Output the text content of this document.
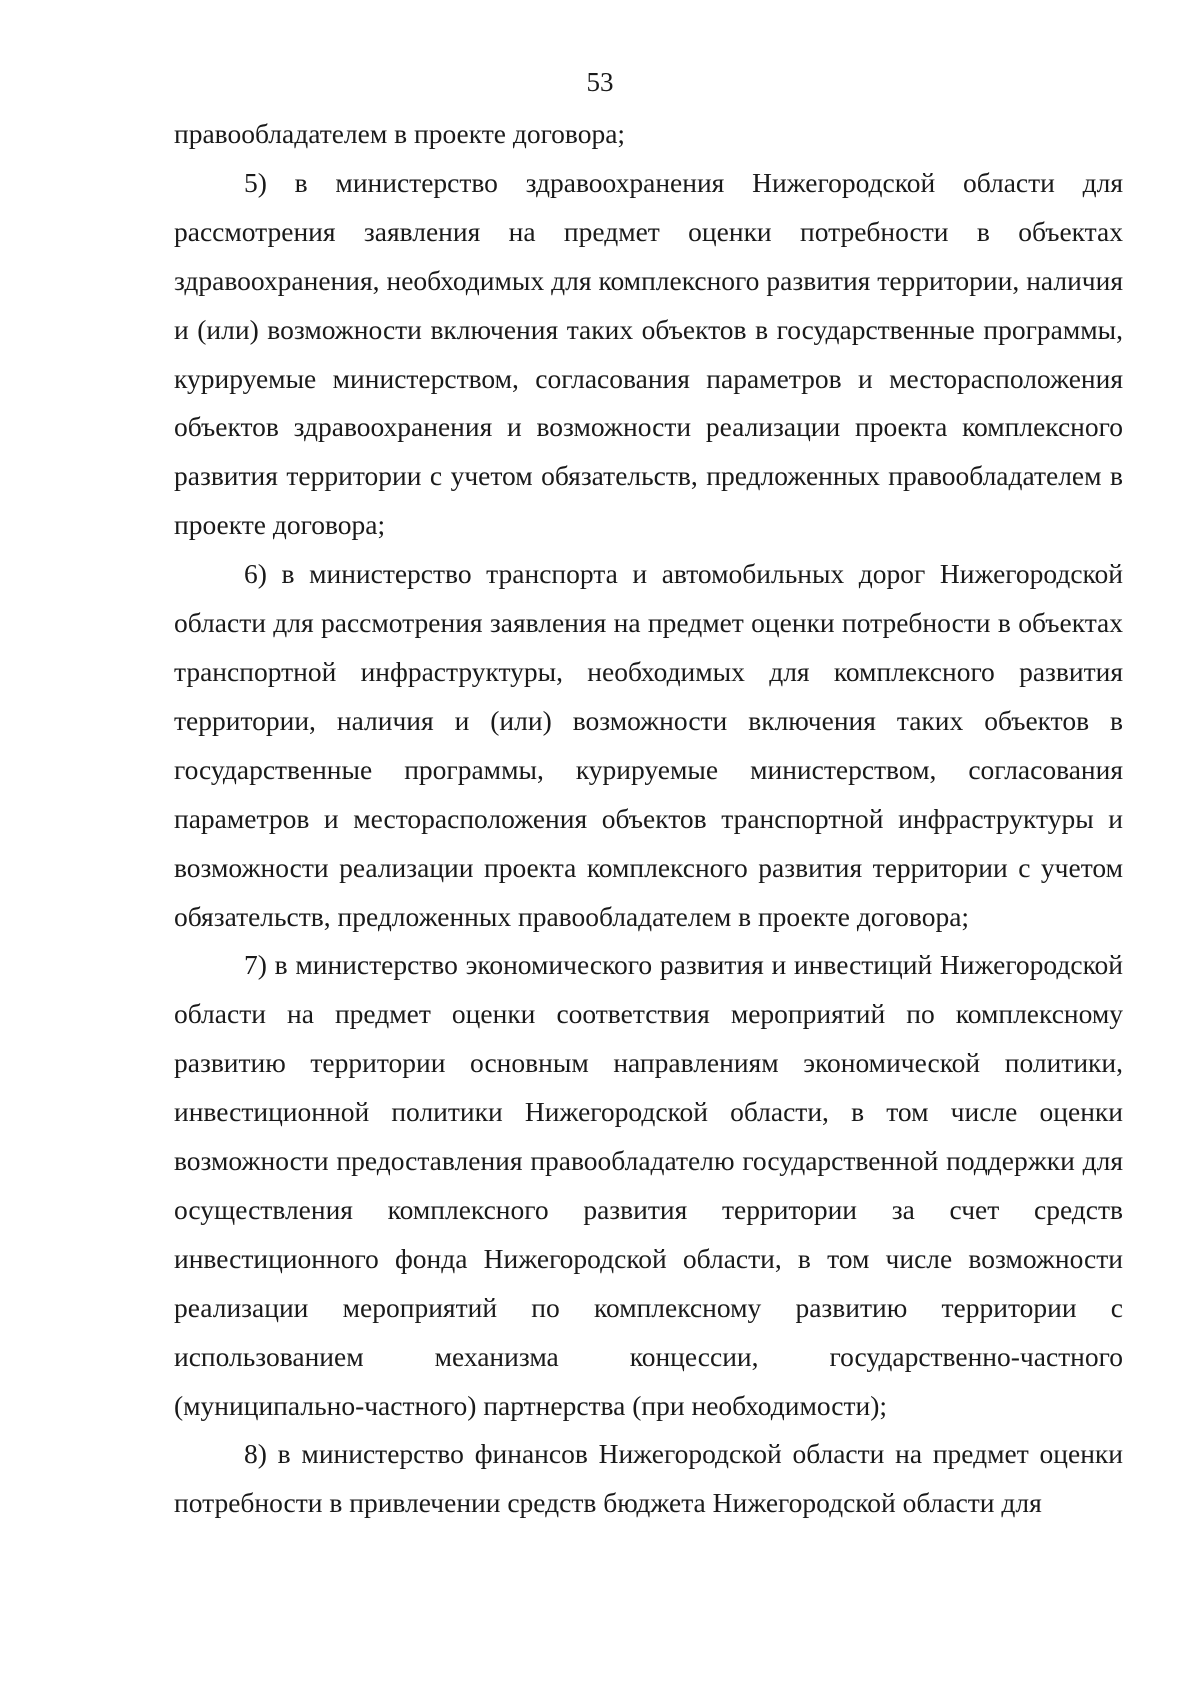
53

правообладателем в проекте договора;

5) в министерство здравоохранения Нижегородской области для рассмотрения заявления на предмет оценки потребности в объектах здравоохранения, необходимых для комплексного развития территории, наличия и (или) возможности включения таких объектов в государственные программы, курируемые министерством, согласования параметров и месторасположения объектов здравоохранения и возможности реализации проекта комплексного развития территории с учетом обязательств, предложенных правообладателем в проекте договора;

6) в министерство транспорта и автомобильных дорог Нижегородской области для рассмотрения заявления на предмет оценки потребности в объектах транспортной инфраструктуры, необходимых для комплексного развития территории, наличия и (или) возможности включения таких объектов в государственные программы, курируемые министерством, согласования параметров и месторасположения объектов транспортной инфраструктуры и возможности реализации проекта комплексного развития территории с учетом обязательств, предложенных правообладателем в проекте договора;

7) в министерство экономического развития и инвестиций Нижегородской области на предмет оценки соответствия мероприятий по комплексному развитию территории основным направлениям экономической политики, инвестиционной политики Нижегородской области, в том числе оценки возможности предоставления правообладателю государственной поддержки для осуществления комплексного развития территории за счет средств инвестиционного фонда Нижегородской области, в том числе возможности реализации мероприятий по комплексному развитию территории с использованием механизма концессии, государственно-частного (муниципально-частного) партнерства (при необходимости);

8) в министерство финансов Нижегородской области на предмет оценки потребности в привлечении средств бюджета Нижегородской области для
